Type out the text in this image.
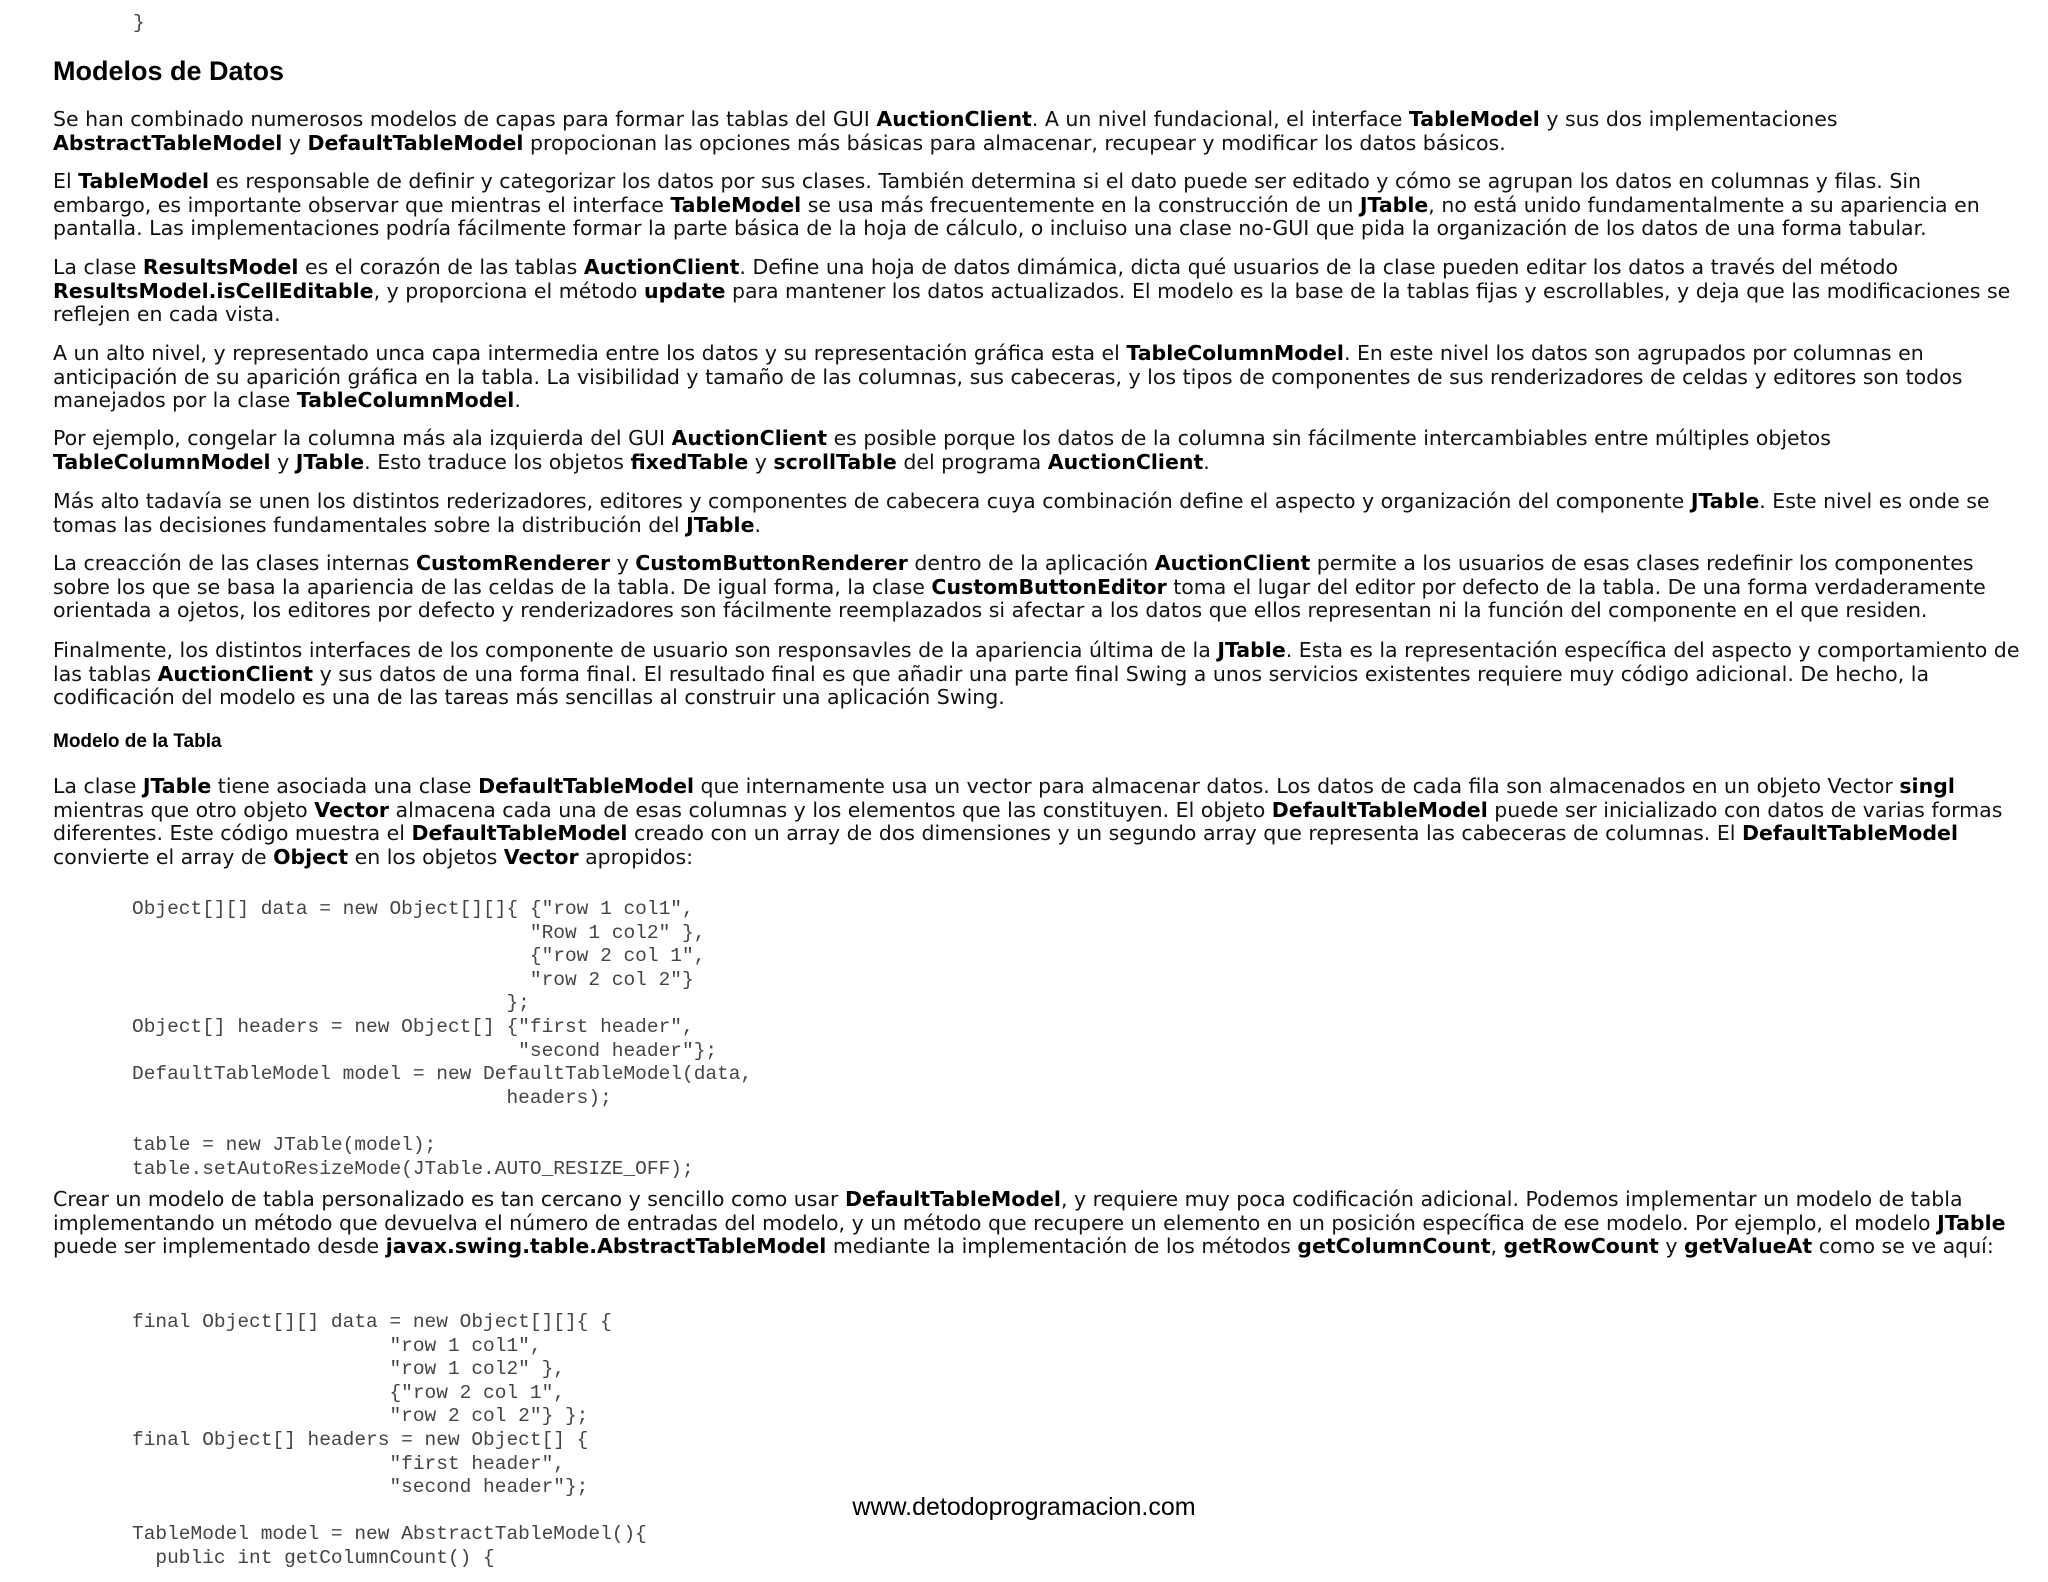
}
Modelos de Datos

Se han combinado numerosos modelos de capas para formar las tablas del GUI AuctionClient. A un nivel fundacional, el interface TableModel y sus dos implementaciones AbstractTableModel y DefaultTableModel propocionan las opciones más básicas para almacenar, recupear y modificar los datos básicos.

El TableModel es responsable de definir y categorizar los datos por sus clases. También determina si el dato puede ser editado y cómo se agrupan los datos en columnas y filas. Sin embargo, es importante observar que mientras el interface TableModel se usa más frecuentemente en la construcción de un JTable, no está unido fundamentalmente a su apariencia en pantalla. Las implementaciones podría fácilmente formar la parte básica de la hoja de cálculo, o incluiso una clase no-GUI que pida la organización de los datos de una forma tabular.

La clase ResultsModel es el corazón de las tablas AuctionClient. Define una hoja de datos dimámica, dicta qué usuarios de la clase pueden editar los datos a través del método ResultsModel.isCellEditable, y proporciona el método update para mantener los datos actualizados. El modelo es la base de la tablas fijas y escrollables, y deja que las modificaciones se reflejen en cada vista.

A un alto nivel, y representado unca capa intermedia entre los datos y su representación gráfica esta el TableColumnModel. En este nivel los datos son agrupados por columnas en anticipación de su aparición gráfica en la tabla. La visibilidad y tamaño de las columnas, sus cabeceras, y los tipos de componentes de sus renderizadores de celdas y editores son todos manejados por la clase TableColumnModel.

Por ejemplo, congelar la columna más ala izquierda del GUI AuctionClient es posible porque los datos de la columna sin fácilmente intercambiables entre múltiples objetos TableColumnModel y JTable. Esto traduce los objetos fixedTable y scrollTable del programa AuctionClient.

Más alto tadavía se unen los distintos rederizadores, editores y componentes de cabecera cuya combinación define el aspecto y organización del componente JTable. Este nivel es onde se tomas las decisiones fundamentales sobre la distribución del JTable.

La creacción de las clases internas CustomRenderer y CustomButtonRenderer dentro de la aplicación AuctionClient permite a los usuarios de esas clases redefinir los componentes sobre los que se basa la apariencia de las celdas de la tabla. De igual forma, la clase CustomButtonEditor toma el lugar del editor por defecto de la tabla. De una forma verdaderamente orientada a ojetos, los editores por defecto y renderizadores son fácilmente reemplazados si afectar a los datos que ellos representan ni la función del componente en el que residen.

Finalmente, los distintos interfaces de los componente de usuario son responsavles de la apariencia última de la JTable. Esta es la representación específica del aspecto y comportamiento de las tablas AuctionClient y sus datos de una forma final. El resultado final es que añadir una parte final Swing a unos servicios existentes requiere muy código adicional. De hecho, la codificación del modelo es una de las tareas más sencillas al construir una aplicación Swing.

Modelo de la Tabla

La clase JTable tiene asociada una clase DefaultTableModel que internamente usa un vector para almacenar datos. Los datos de cada fila son almacenados en un objeto Vector singl mientras que otro objeto Vector almacena cada una de esas columnas y los elementos que las constituyen. El objeto DefaultTableModel puede ser inicializado con datos de varias formas diferentes. Este código muestra el DefaultTableModel creado con un array de dos dimensiones y un segundo array que representa las cabeceras de columnas. El DefaultTableModel convierte el array de Object en los objetos Vector apropidos:

Object[][] data = new Object[][]{ {"row 1 col1",
"Row 1 col2" },
{"row 2 col 1",
"row 2 col 2"}
};
Object[] headers = new Object[] {"first header",
"second header"};
DefaultTableModel model = new DefaultTableModel(data,
headers);

table = new JTable(model);
table.setAutoResizeMode(JTable.AUTO_RESIZE_OFF);

Crear un modelo de tabla personalizado es tan cercano y sencillo como usar DefaultTableModel, y requiere muy poca codificación adicional. Podemos implementar un modelo de tabla implementando un método que devuelva el número de entradas del modelo, y un método que recupere un elemento en un posición específica de ese modelo. Por ejemplo, el modelo JTable puede ser implementado desde javax.swing.table.AbstractTableModel mediante la implementación de los métodos getColumnCount, getRowCount y getValueAt como se ve aquí:

final Object[][] data = new Object[][]{ {
"row 1 col1",
"row 1 col2" },
{"row 2 col 1",
"row 2 col 2"} };
final Object[] headers = new Object[] {
"first header",
"second header"};

TableModel model = new AbstractTableModel(){
public int getColumnCount() {
www.detodoprogramacion.com
